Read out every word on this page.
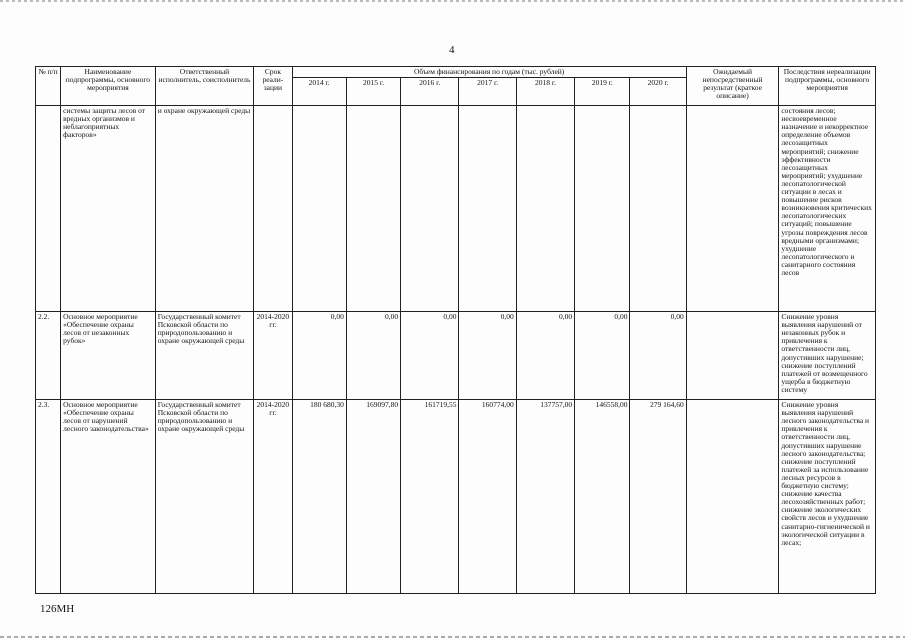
4
№ п/п	Наименование подпрограммы, основного мероприятия	Ответственный исполнитель, соисполнитель	Срок реали-зации	Объем финансирования по годам (тыс. рублей)							Ожидаемый непосредственный результат (краткое описание)	Последствия нереализации подпрограммы, основного мероприятия
				2014 г.	2015 г.	2016 г.	2017 г.	2018 г.	2019 г.	2020 г.		
	системы защиты лесов от вредных организмов и неблагоприятных факторов»	и охране окружающей среды										состояния лесов; несвоевременное назначение и некорректное определение объемов лесозащитных мероприятий; снижение эффективности лесозащитных мероприятий; ухудшение лесопатологической ситуации в лесах и повышение рисков возникновения критических лесопатологических ситуаций; повышение угрозы повреждения лесов вредными организмами; ухудшение лесопатологического и санитарного состояния лесов
2.2.	Основное мероприятие «Обеспечение охраны лесов от незаконных рубок»	Государственный комитет Псковской области по природопользованию и охране окружающей среды	2014-2020 гг.	0,00	0,00	0,00	0,00	0,00	0,00	0,00		Снижение уровня выявления нарушений от незаконных рубок и привлечения к ответственности лиц, допустивших нарушение; снижение поступлений платежей от возмещенного ущерба в бюджетную систему
2.3.	Основное мероприятие «Обеспечение охраны лесов от нарушений лесного законодательства»	Государственный комитет Псковской области по природопользованию и охране окружающей среды	2014-2020 гг.	180 680,30	169097,80	161719,55	160774,00	137757,00	146558,00	279 164,60		Снижение уровня выявления нарушений лесного законодательства и привлечения к ответственности лиц, допустивших нарушение лесного законодательства; снижение поступлений платежей за использование лесных ресурсов в бюджетную систему; снижение качества лесохозяйственных работ; снижение экологических свойств лесов и ухудшение санитарно-гигиенической и экологической ситуации в лесах;
126МН
